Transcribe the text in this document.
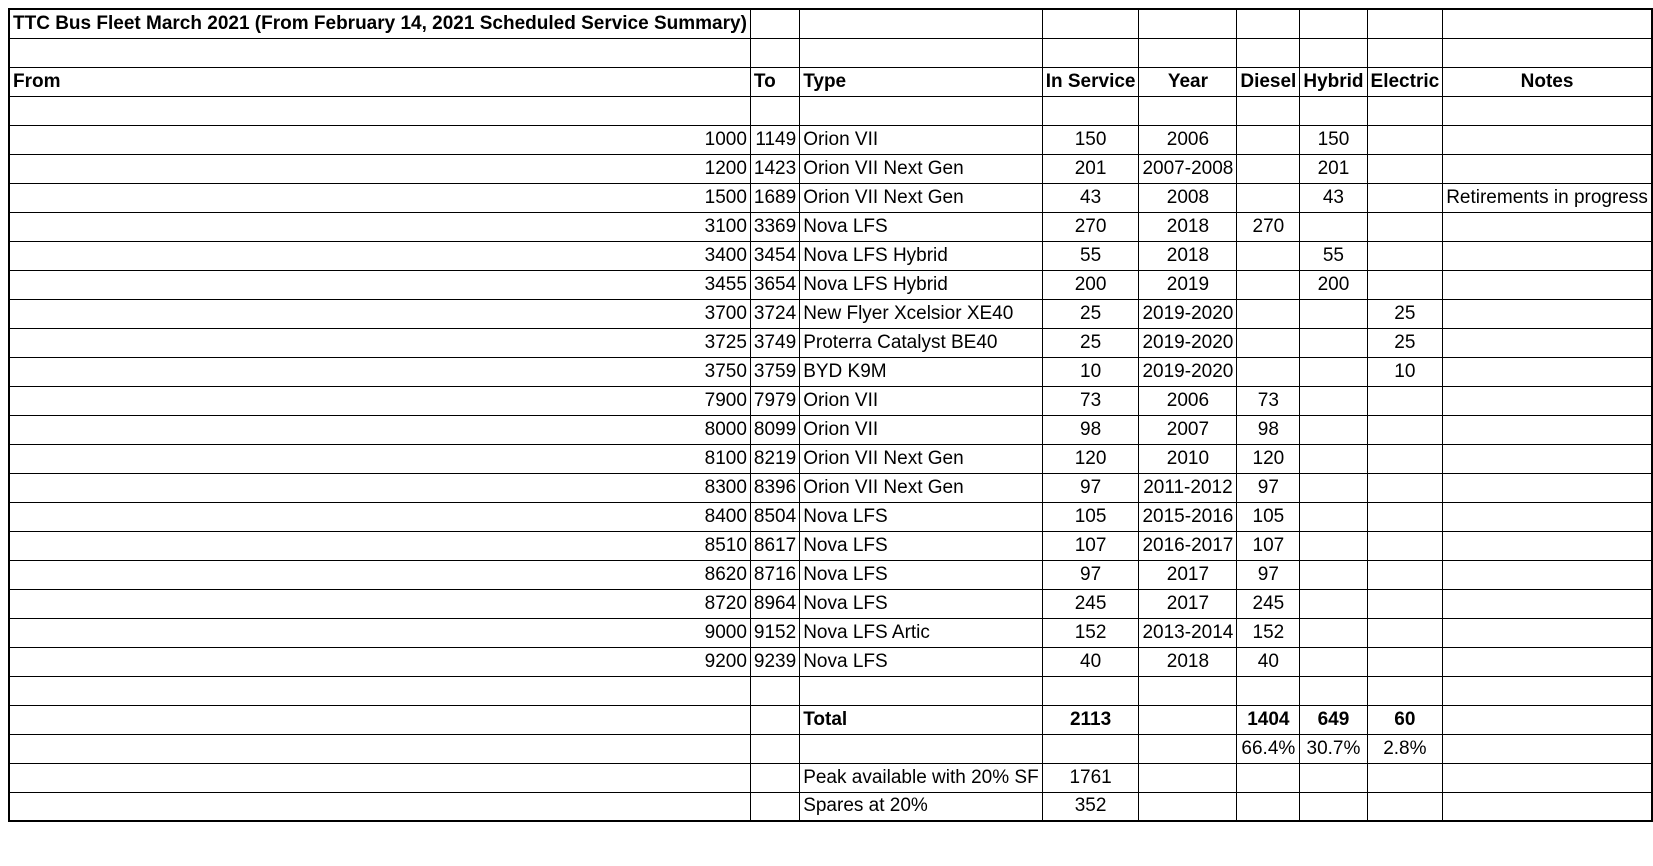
TTC Bus Fleet March 2021 (From February 14, 2021 Scheduled Service Summary)								

From	To	Type	In Service	Year	Diesel	Hybrid	Electric	Notes

1000	1149	Orion VII	150	2006		150		
1200	1423	Orion VII Next Gen	201	2007-2008		201		
1500	1689	Orion VII Next Gen	43	2008		43		Retirements in progress
3100	3369	Nova LFS	270	2018	270			
3400	3454	Nova LFS Hybrid	55	2018		55		
3455	3654	Nova LFS Hybrid	200	2019		200		
3700	3724	New Flyer Xcelsior XE40	25	2019-2020			25	
3725	3749	Proterra Catalyst BE40	25	2019-2020			25	
3750	3759	BYD K9M	10	2019-2020			10	
7900	7979	Orion VII	73	2006	73			
8000	8099	Orion VII	98	2007	98			
8100	8219	Orion VII Next Gen	120	2010	120			
8300	8396	Orion VII Next Gen	97	2011-2012	97			
8400	8504	Nova LFS	105	2015-2016	105			
8510	8617	Nova LFS	107	2016-2017	107			
8620	8716	Nova LFS	97	2017	97			
8720	8964	Nova LFS	245	2017	245			
9000	9152	Nova LFS Artic	152	2013-2014	152			
9200	9239	Nova LFS	40	2018	40			

		Total	2113		1404	649	60	
					66.4%	30.7%	2.8%	
		Peak available with 20% SF	1761					
		Spares at 20%	352					
